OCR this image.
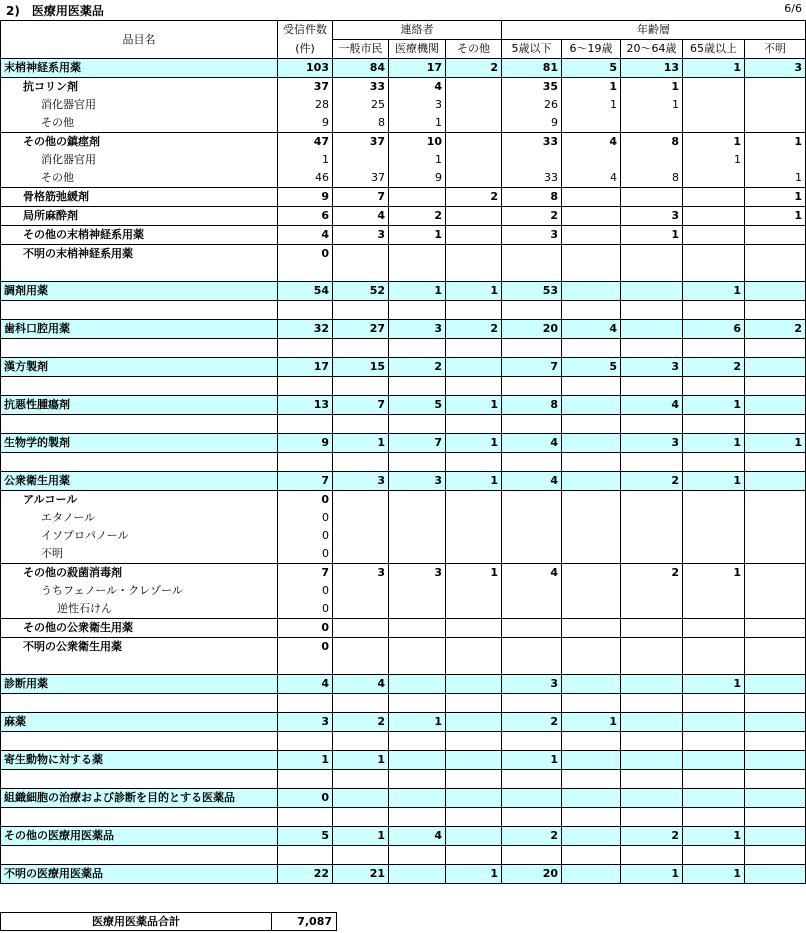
2)　医療用医薬品	6/6
品目名	受信件数	連絡者			年齢層				
	(件)	一般市民	医療機関	その他	5歳以下	6～19歳	20～64歳	65歳以上	不明
末梢神経系用薬	103	84	17	2	81	5	13	1	3
抗コリン剤	37	33	4		35	1	1		
消化器官用	28	25	3		26	1	1		
その他	9	8	1		9				
その他の鎮痙剤	47	37	10		33	4	8	1	1
消化器官用	1		1					1	
その他	46	37	9		33	4	8		1
骨格筋弛緩剤	9	7		2	8				1
局所麻酔剤	6	4	2		2		3		1
その他の末梢神経系用薬	4	3	1		3		1		
不明の末梢神経系用薬	0								

調剤用薬	54	52	1	1	53			1	

歯科口腔用薬	32	27	3	2	20	4		6	2

漢方製剤	17	15	2		7	5	3	2	

抗悪性腫瘍剤	13	7	5	1	8		4	1	

生物学的製剤	9	1	7	1	4		3	1	1

公衆衛生用薬	7	3	3	1	4		2	1	
アルコール	0								
エタノール	0								
イソプロパノール	0								
不明	0								
その他の殺菌消毒剤	7	3	3	1	4		2	1	
うちフェノール・クレゾール	0								
逆性石けん	0								
その他の公衆衛生用薬	0								
不明の公衆衛生用薬	0								

診断用薬	4	4			3			1	

麻薬	3	2	1		2	1			

寄生動物に対する薬	1	1			1				

組織細胞の治療および診断を目的とする医薬品	0								

その他の医療用医薬品	5	1	4		2		2	1	

不明の医療用医薬品	22	21		1	20		1	1	
医療用医薬品合計	7,087
